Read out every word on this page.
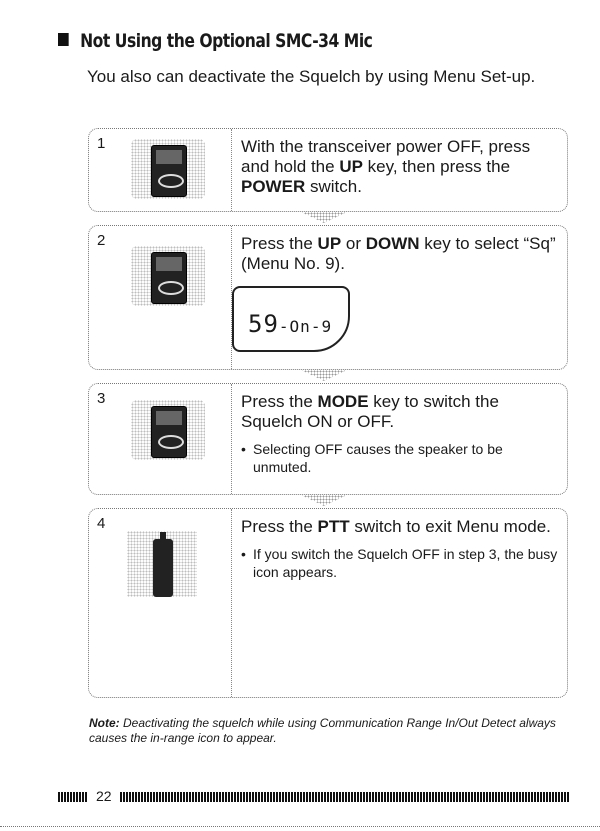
Not Using the Optional SMC-34 Mic

You also can deactivate the Squelch by using Menu Set-up.

1	With the transceiver power OFF, press and hold the UP key, then press the POWER switch.

2	Press the UP or DOWN key to select “Sq” (Menu No. 9).

59-On-9
3	Press the MODE key to switch the Squelch ON or OFF.

• Selecting OFF causes the speaker to be unmuted.
4	Press the PTT switch to exit Menu mode.

• If you switch the Squelch OFF in step 3, the busy icon appears.

Note: Deactivating the squelch while using Communication Range In/Out Detect always causes the in-range icon to appear.

22
